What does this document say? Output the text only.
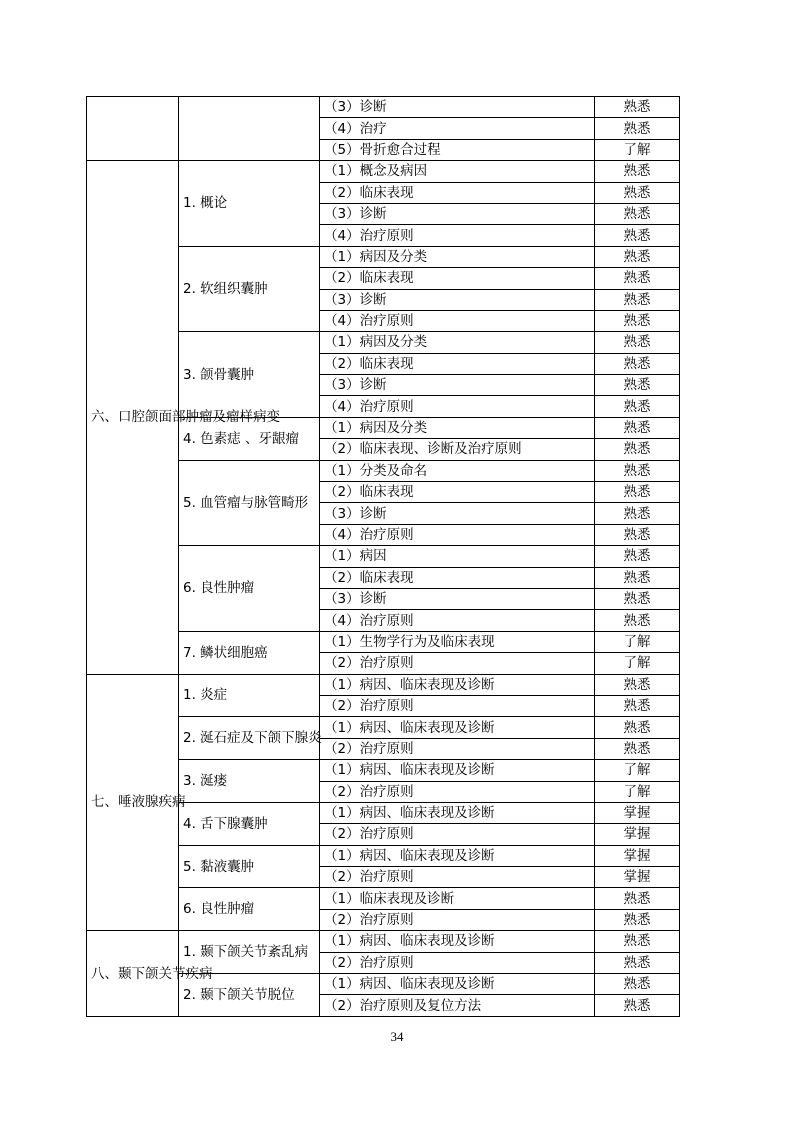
		（3）诊断	熟悉
		（4）治疗	熟悉
		（5）骨折愈合过程	了解
六、口腔颌面部肿瘤及瘤样病变	1. 概论	（1）概念及病因	熟悉
		（2）临床表现	熟悉
		（3）诊断	熟悉
		（4）治疗原则	熟悉
	2. 软组织囊肿	（1）病因及分类	熟悉
		（2）临床表现	熟悉
		（3）诊断	熟悉
		（4）治疗原则	熟悉
	3. 颌骨囊肿	（1）病因及分类	熟悉
		（2）临床表现	熟悉
		（3）诊断	熟悉
		（4）治疗原则	熟悉
	4. 色素痣 、牙龈瘤	（1）病因及分类	熟悉
		（2）临床表现、诊断及治疗原则	熟悉
	5. 血管瘤与脉管畸形	（1）分类及命名	熟悉
		（2）临床表现	熟悉
		（3）诊断	熟悉
		（4）治疗原则	熟悉
	6. 良性肿瘤	（1）病因	熟悉
		（2）临床表现	熟悉
		（3）诊断	熟悉
		（4）治疗原则	熟悉
	7. 鳞状细胞癌	（1）生物学行为及临床表现	了解
		（2）治疗原则	了解
七、唾液腺疾病	1. 炎症	（1）病因、临床表现及诊断	熟悉
		（2）治疗原则	熟悉
	2. 涎石症及下颌下腺炎	（1）病因、临床表现及诊断	熟悉
		（2）治疗原则	熟悉
	3. 涎瘘	（1）病因、临床表现及诊断	了解
		（2）治疗原则	了解
	4. 舌下腺囊肿	（1）病因、临床表现及诊断	掌握
		（2）治疗原则	掌握
	5. 黏液囊肿	（1）病因、临床表现及诊断	掌握
		（2）治疗原则	掌握
	6. 良性肿瘤	（1）临床表现及诊断	熟悉
		（2）治疗原则	熟悉
八、颞下颌关节疾病	1. 颞下颌关节紊乱病	（1）病因、临床表现及诊断	熟悉
		（2）治疗原则	熟悉
	2. 颞下颌关节脱位	（1）病因、临床表现及诊断	熟悉
		（2）治疗原则及复位方法	熟悉
34
